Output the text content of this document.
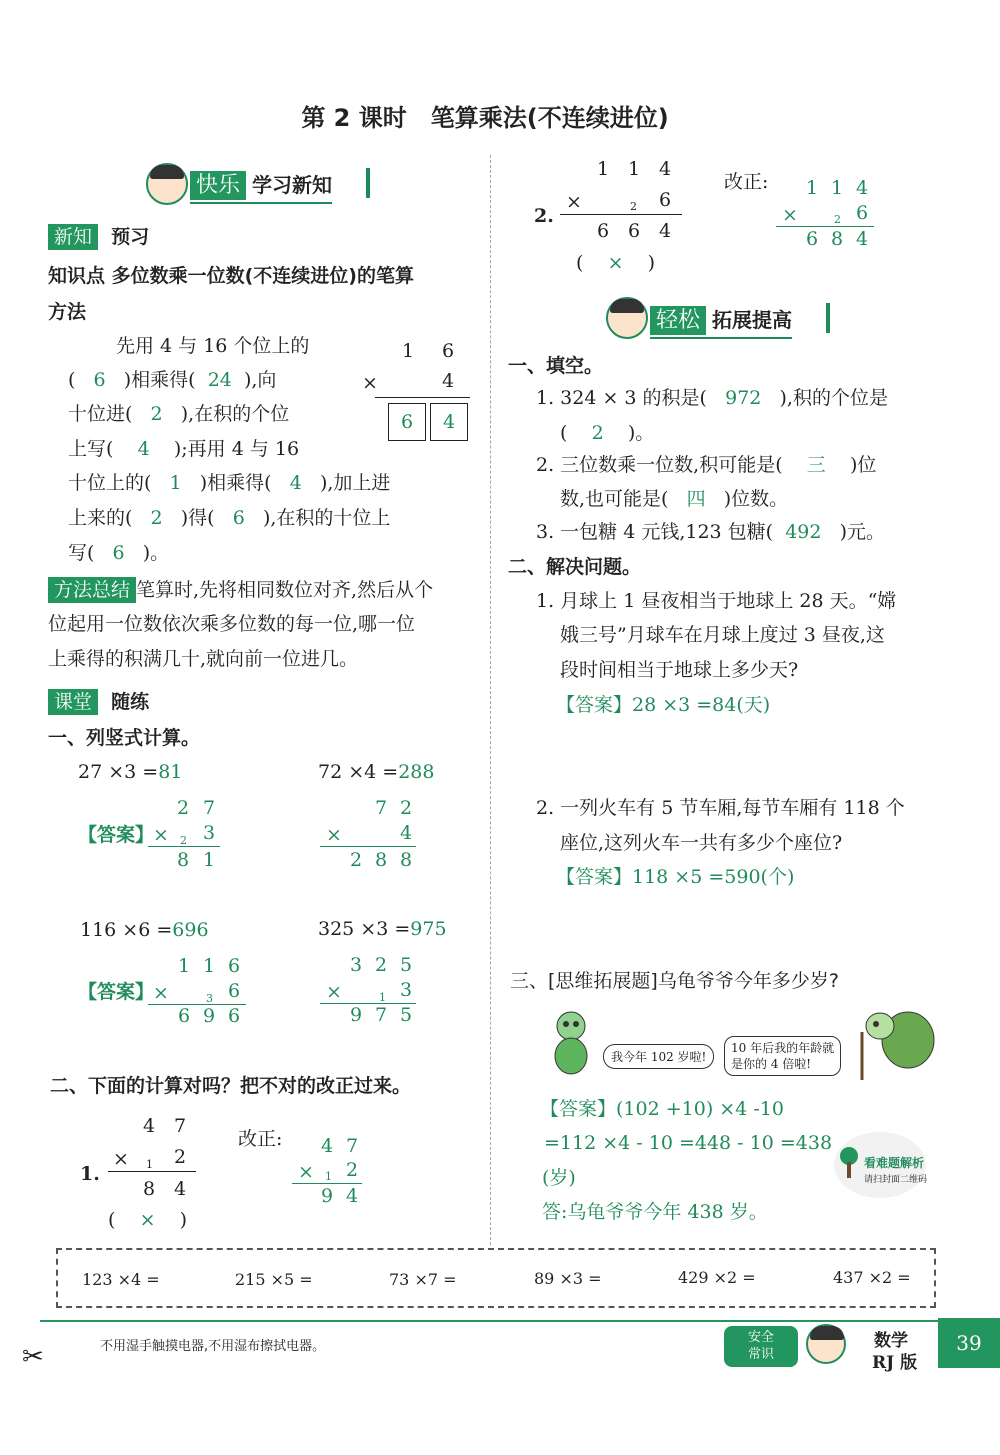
第 2 课时　笔算乘法(不连续进位)
快乐 学习新知
新知 预习
知识点 多位数乘一位数(不连续进位)的笔算
方法
先用 4 与 16 个位上的
( 6 )相乘得( 24 ),向
十位进( 2 ),在积的个位
上写( 4 );再用 4 与 16
十位上的( 1 )相乘得( 4 ),加上进
上来的( 2 )得( 6 ),在积的十位上
写( 6 )。
1 6
×	4
6	4
方法总结 笔算时,先将相同数位对齐,然后从个
位起用一位数依次乘多位数的每一位,哪一位
上乘得的积满几十,就向前一位进几。
课堂 随练
一、列竖式计算。
27 ×3 =81
2 7
【答案】
× 2 3
8 1
72 ×4 =288
7 2
×	4
2 8 8
116 ×6 =696
1 1 6
【答案】
×	3 6
6 9 6
325 ×3 =975
3 2 5
×	1 3
9 7 5
二、下面的计算对吗？把不对的改正过来。
4 7
1.
× 1 2
8 4
(    ×    )
改正: 4 7
× 1 2
9 4
1 1 4
2.
×	2 6
6 6 4
(    ×    )
改正: 1 1 4
×	2 6
6 8 4
轻松 拓展提高
一、填空。
1. 324 × 3 的积是( 972 ),积的个位是
( 2 )。
2. 三位数乘一位数,积可能是( 三 )位
数,也可能是( 四 )位数。
3. 一包糖 4 元钱,123 包糖( 492 )元。
二、解决问题。
1. 月球上 1 昼夜相当于地球上 28 天。“嫦
娥三号”月球车在月球上度过 3 昼夜,这
段时间相当于地球上多少天?
【答案】28 ×3 =84(天)
2. 一列火车有 5 节车厢,每节车厢有 118 个
座位,这列火车一共有多少个座位?
【答案】118 ×5 =590(个)
三、[思维拓展题]乌龟爷爷今年多少岁?
我今年 102 岁啦!
10 年后我的年龄就
是你的 4 倍啦!
【答案】(102 +10) ×4 -10
=112 ×4 - 10 =448 - 10 =438
(岁)
答:乌龟爷爷今年 438 岁。
看难题解析
请扫封面二维码
123 ×4 =	215 ×5 =	73 ×7 =	89 ×3 =	429 ×2 =	437 ×2 =
不用湿手触摸电器,不用湿布擦拭电器。
✂
安全
常识
数学
RJ 版
39
